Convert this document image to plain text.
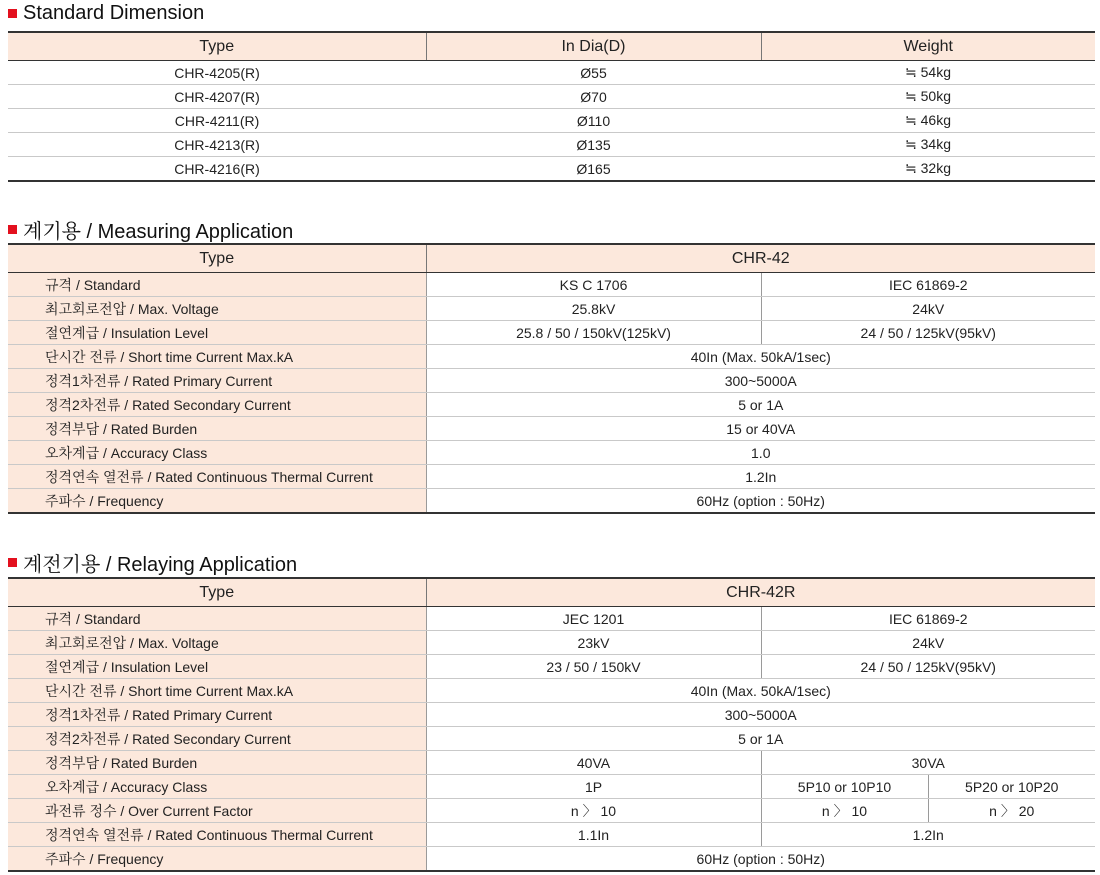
Standard Dimension
Type	In Dia(D)	Weight
CHR-4205(R)	Ø55	≒ 54kg
CHR-4207(R)	Ø70	≒ 50kg
CHR-4211(R)	Ø110	≒ 46kg
CHR-4213(R)	Ø135	≒ 34kg
CHR-4216(R)	Ø165	≒ 32kg
계기용 / Measuring Application
Type	CHR-42	
규격 / Standard	KS C 1706	IEC 61869-2
최고회로전압 / Max. Voltage	25.8kV	24kV
절연계급 / Insulation Level	25.8 / 50 / 150kV(125kV)	24 / 50 / 125kV(95kV)
단시간 전류 / Short time Current Max.kA	40In (Max. 50kA/1sec)	
정격1차전류 / Rated Primary Current	300~5000A	
정격2차전류 / Rated Secondary Current	5 or 1A	
정격부담 / Rated Burden	15 or 40VA	
오차계급 / Accuracy Class	1.0	
정격연속 열전류 / Rated Continuous Thermal Current	1.2In	
주파수 / Frequency	60Hz (option : 50Hz)	
계전기용 / Relaying Application
Type	CHR-42R		
규격 / Standard	JEC 1201	IEC 61869-2	
최고회로전압 / Max. Voltage	23kV	24kV	
절연계급 / Insulation Level	23 / 50 / 150kV	24 / 50 / 125kV(95kV)	
단시간 전류 / Short time Current Max.kA	40In (Max. 50kA/1sec)		
정격1차전류 / Rated Primary Current	300~5000A		
정격2차전류 / Rated Secondary Current	5 or 1A		
정격부담 / Rated Burden	40VA	30VA	
오차계급 / Accuracy Class	1P	5P10 or 10P10	5P20 or 10P20
과전류 정수 / Over Current Factor	n 〉 10	n 〉 10	n 〉 20
정격연속 열전류 / Rated Continuous Thermal Current	1.1In	1.2In	
주파수 / Frequency	60Hz (option : 50Hz)		
